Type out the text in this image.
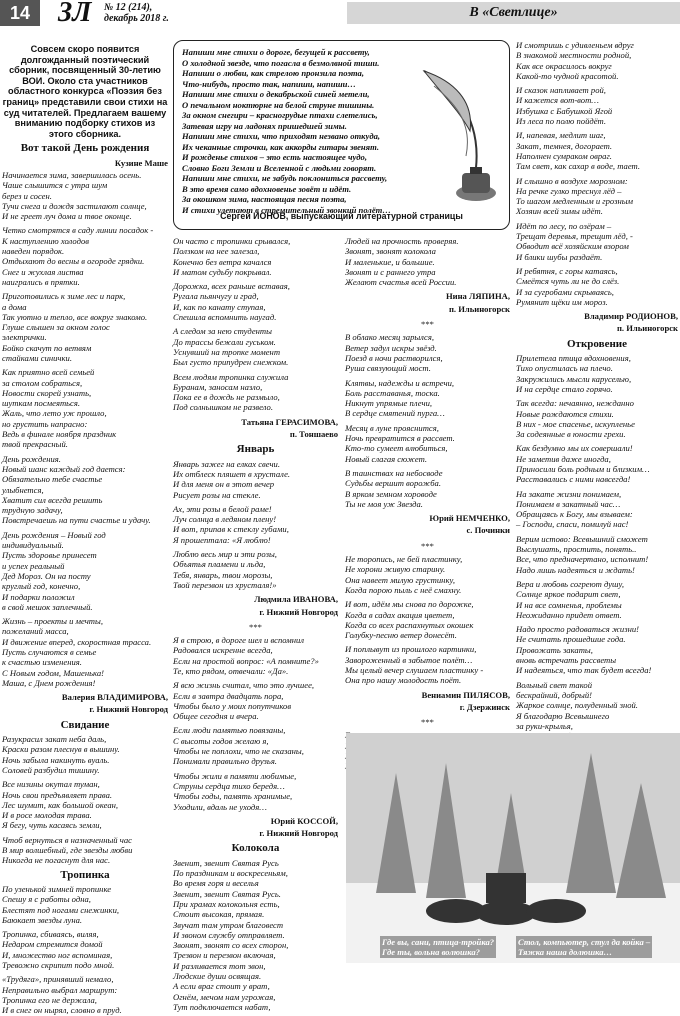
14 ЗЛ № 12 (214),
декабрь 2018 г.	В «Светлице»

Совсем скоро появится долгожданный поэтический сборник, посвященный 30-летию ВОИ. Около ста участников областного конкурса «Поэзия без границ» представили свои стихи на суд читателей. Предлагаем вашему вниманию подборку стихов из этого сборника.

Вот такой День рождения

Кузине Маше

Начинается зима, завершилась осень.
Чаше слышится с утра шум
берез и сосен.
Тучи снега и дождя застилают солнце,
И не греет луч дома и твое оконце.

Четко смотрятся в саду линии посадок -
К наступлению холодов
наведен порядок.
Отдыхают до весны в огороде грядки.
Снег и жухлая листва
наигрались в прятки.

Приготовились к зиме лес и парк,
а дома
Так уютно и тепло, все вокруг знакомо.
Глуше слышен за окном голос
электрички.
Бойко скачут по ветвям
стайками синички.

Как приятно всей семьей
за столом собраться,
Новости скорей узнать,
шуткам посмеяться.
Жаль, что лето уж прошло,
но грустить напрасно:
Ведь в финале ноября праздник
твой прекрасный.

День рождения.
Новый шанс каждый год дается:
Обязательно тебе счастье
улыбнется,
Хватит сил всегда решить
трудную задачу,
Повстречаешь на пути счастье и удачу.

День рождения – Новый год
индивидуальный.
Пусть здоровье принесет
и успех реальный
Дед Мороз. Он на посту
круглый год, конечно,
И подарки положил
в свой мешок заплечный.

Жизнь – проекты и мечты,
пожеланий масса,
И движение вперед, скоростная трасса.
Пусть случаются в семье
к счастью изменения.
С Новым годом, Машенька!
Маша, с Днем рождения!

Валерия ВЛАДИМИРОВА,

г. Нижний Новгород

Свидание

Разукрасил закат неба даль,
Краски разом плеснув в вышину.
Ночь забыла накинуть вуаль.
Соловей разбудил тишину.

Все низины окутал туман,
Ночь свои предъявляет права.
Лес шумит, как большой океан,
И в росе молодая трава.
Я бегу, чуть касаясь земли,

Чтоб вернуться в назначенный час
В мир волшебный, где звезды любви
Никогда не погаснут для нас.

Тропинка

По узенькой зимней тропинке
Спешу я с работы одна,
Блестят под ногами снежинки,
Баюкает звезды луна.

Тропинка, сбиваясь, виляя,
Недаром стремится домой
И, множество ног вспоминая,
Тревожно скрипит подо мной.

«Трудяга», принявший немало,
Неправильно выбрал маршрут:
Тропинка его не держала,
И в снег он нырял, словно в пруд.

Напиши мне стихи о дороге, бегущей к рассвету,
О холодной звезде, что погасла в безмолвной тиши.
Напиши о любви, как стрелою пронзила поэта,
Что-нибудь, просто так, напиши, напиши…
Напиши мне стихи о декабрьской синей метели,
О печальном ноктюрне на белой струне тишины.
За окном снегири – красногрудые птахи слетелись,
Затевая игру на ладонях пришедшей зимы.
Напиши мне стихи, что приходят незвано откуда,
Их чеканные строчки, как аккорды гитары звенят.
И рожденье стихов – это есть настоящее чудо,
Словно Боги Земли и Вселенной с людьми говорят.
Напиши мне стихи, не забудь поклониться рассвету,
В это время само вдохновенье зовёт и идёт.
За окошком зима, настоящая песня поэта,
И стихи улетают в стремительный звонкий полёт…
Сергей ИОНОВ, выпускающий литературной страницы

Он часто с тропинки срывался,
Ползком на нее залезал,
Конечно без ветра качался
И матом судьбу покрывал.

Дорожка, всех раньше вставая,
Ругала пьянчугу и град,
И, как по канату ступая,
Спешила вспомнить наугад.

А следом за нею студенты
До трассы бежали гуськом.
Уснувший на тропке момент
Был густо припудрен снежком.

Всем людям тропинка служила
Буранам, заносам назло,
Пока ее в дождь не размыло,
Под солнышком не развело.

Татьяна ГЕРАСИМОВА,

п. Тоншаево

Январь

Январь зажег на елках свечи.
Их отблеск пляшет в хрустале.
И для меня он в этот вечер
Рисует розы на стекле.

Ах, эти розы в белой раме!
Луч солнца в ледяном плену!
И вот, припав к стеклу губами,
Я прошептала: «Я люблю!

Люблю весь мир и эти розы,
Объятья пламени и льда,
Тебя, январь, твои морозы,
Твой перезвон из хрусталя!»

Людмила ИВАНОВА,

г. Нижний Новгород

***

Я в строю, в дороге шел и вспомнил
Радовался искренне всегда,
Если на простой вопрос: «А помните?»
Те, кто рядом, отвечали: «Да».

Я всю жизнь считал, что это лучшее,
Если в завтра двадцать пора,
Чтобы было у моих попутчиков
Общее сегодня и вчера.

Если люди памятью повязаны,
С высоты годов желаю я,
Чтобы не поплохи, что не сказаны,
Понимали правильно друзья.

Чтобы жили в памяти любимые,
Струны сердца тихо бередя…
Чтобы годы, память хранимые,
Уходили, вдаль не уходя…

Юрий КОССОЙ,

г. Нижний Новгород

Колокола

Звенит, звенит Святая Русь
По праздникам и воскресеньям,
Во время горя и веселья
Звенит, звенит Святая Русь.
При храмах колокольня есть,
Стоит высокая, прямая.
Звучат там утром благовест
И звоном службу отправляет.
Звонят, звонят со всех сторон,
Трезвон и перезвон включая,
И разливается тот звон,
Людские души освящая.
А если враг стоит у врат,
Огнём, мечом нам угрожая,
Тут подключается набат,

Людей на прочность проверяя.
Звонят, звонят колокола
И маленькие, и большие.
Звонят и с раннего утра
Желают счастья всей России.

Нина ЛЯПИНА,

п. Ильиногорск

***

В облако месяц зарылся,
Ветер задул искры звёзд.
Поезд в ночи растворился,
Руша связующий мост.

Клятвы, надежды и встречи,
Боль расставанья, тоска.
Никнут упрямые плечи,
В сердце смятений пурга…

Месяц в луне прояснится,
Ночь превратится в рассвет.
Кто-то сумеет влюбиться,
Новый слагая сюжет.

В таинствах на небосводе
Судьбы вершит ворожба.
В ярком земном хороводе
Ты не моя уж Звезда.

Юрий НЕМЧЕНКО,

с. Починки

***

Не торопись, не бей пластинку,
Не хорони живую старину.
Она навеет милую грустинку,
Когда порою пыль с неё смахну.

И вот, идём мы снова по дорожке,
Когда в садах акация цветет,
Когда со всех распахнутых окошек
Голубку-песню ветер донесёт.

И поплывут из прошлого картинки,
Завороженный в забытое полёт…
Мы целый вечер слушаем пластинку -
Она про нашу молодость поёт.

Вениамин ПИЛЯСОВ,

г. Дзержинск

***

И смотришь с удивленьем вдруг
В знакомой местности родной,
Как все окрасилось вокруг
Какой-то чудной красотой.

И сказок напливает рой,
И кажется вот-вот…
Избушка с Бабушкой Ягой
Из леса по полю пойдёт.

И, напевая, медлит шаг,
Закат, темнея, догорает.
Наполнен сумраком овраг.
Там свет, как сахар в воде, тает.

И слышно в воздухе морозном:
На речке гулко треснул лёд –
То шагом медленным и грозным
Хозяин всей зимы идёт.

Идёт по лесу, по озёрам –
Трещат деревья, трещит лёд, -
Обводит всё хозяйским взором
И блики шубы раздаёт.

И ребятня, с горы катаясь,
Смеётся чуть ли не до слёз.
И за сугробами скрываясь,
Румянит щёки им мороз.

Владимир РОДИОНОВ,

п. Ильиногорск

Откровение

Прилетела птица вдохновения,
Тихо опустилась на плечо.
Закружились мысли каруселью,
И на сердце стало горячо.

Так всегда: нечаянно, нежданно
Новые рождаются стихи.
В них - мое спасенье, искупленье
За содеянные в юности грехи.

Как бездумно мы их совершали!
Не заметив даже иногда,
Приносили боль родным и близким…
Расставались с ними навсегда!

На закате жизни понимаем,
Понимаем в закатный час…
Обращаясь к Богу, мы взываем:
– Господи, спаси, помилуй нас!

Верим истово: Всевышний сможет
Выслушать, простить, понять..
Все, что предначертано, исполнит!
Надо лишь надеяться и ждать!

Вера и любовь согреют душу,
Солнце яркое подарит свет,
И на все сомненья, проблемы
Неожиданно придет ответ.

Надо просто радоваться жизни!
Не считать прошедшие года.
Провожать закаты,
вновь встречать рассветы
И надеяться, что так будет всегда!

Вольный свет такой
бескрайний, добрый!
Жаркое солнце, полуденный зной.
Я благодарю Всевышнего
за руки-крылья,

Где вы, сани, птица-тройка?
Где ты, вольна волюшка?
Стол, компьютер, стул да койка –
Тяжка наша долюшка…
